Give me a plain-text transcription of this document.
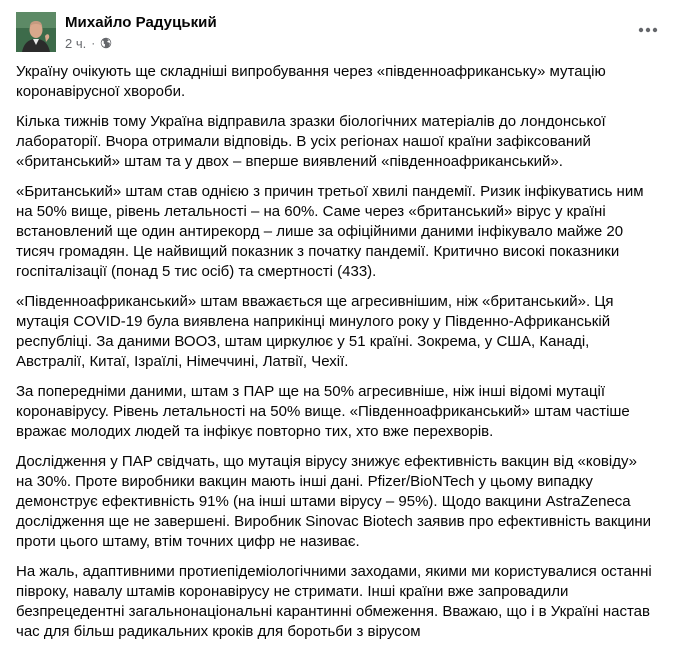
Михайло Радуцький
2 ч. ·

Україну очікують ще складніші випробування через «південноафриканську» мутацію коронавірусної хвороби.

Кілька тижнів тому Україна відправила зразки біологічних матеріалів до лондонської лабораторії. Вчора отримали відповідь. В усіх регіонах нашої країни зафіксований «британський» штам та у двох – вперше виявлений «південноафриканський».

«Британський» штам став однією з причин третьої хвилі пандемії. Ризик інфікуватись ним на 50% вище, рівень летальності – на 60%. Саме через «британський» вірус у країні встановлений ще один антирекорд – лише за офіційними даними інфікувало майже 20 тисяч громадян. Це найвищий показник з початку пандемії. Критично високі показники госпіталізації (понад 5 тис осіб) та смертності (433).

«Південноафриканський» штам вважається ще агресивнішим, ніж «британський». Ця мутація COVID-19 була виявлена наприкінці минулого року у Південно-Африканській республіці. За даними ВООЗ, штам циркулює у 51 країні. Зокрема, у США, Канаді, Австралії, Китаї, Ізраїлі, Німеччині, Латвії, Чехії.

За попередніми даними, штам з ПАР ще на 50% агресивніше, ніж інші відомі мутації коронавірусу. Рівень летальності на 50% вище. «Південноафриканський» штам частіше вражає молодих людей та інфікує повторно тих, хто вже перехворів.

Дослідження у ПАР свідчать, що мутація вірусу знижує ефективність вакцин від «ковіду» на 30%. Проте виробники вакцин мають інші дані. Pfizer/BioNTech у цьому випадку демонструє ефективність 91% (на інші штами вірусу – 95%). Щодо вакцини AstraZeneca дослідження ще не завершені. Виробник Sinovac Biotech заявив про ефективність вакцини проти цього штаму, втім точних цифр не називає.

На жаль, адаптивними протиепідеміологічними заходами, якими ми користувалися останні півроку, навалу штамів коронавірусу не стримати. Інші країни вже запровадили безпрецедентні загальнонаціональні карантинні обмеження. Вважаю, що і в Україні настав час для більш радикальних кроків для боротьби з вірусом
